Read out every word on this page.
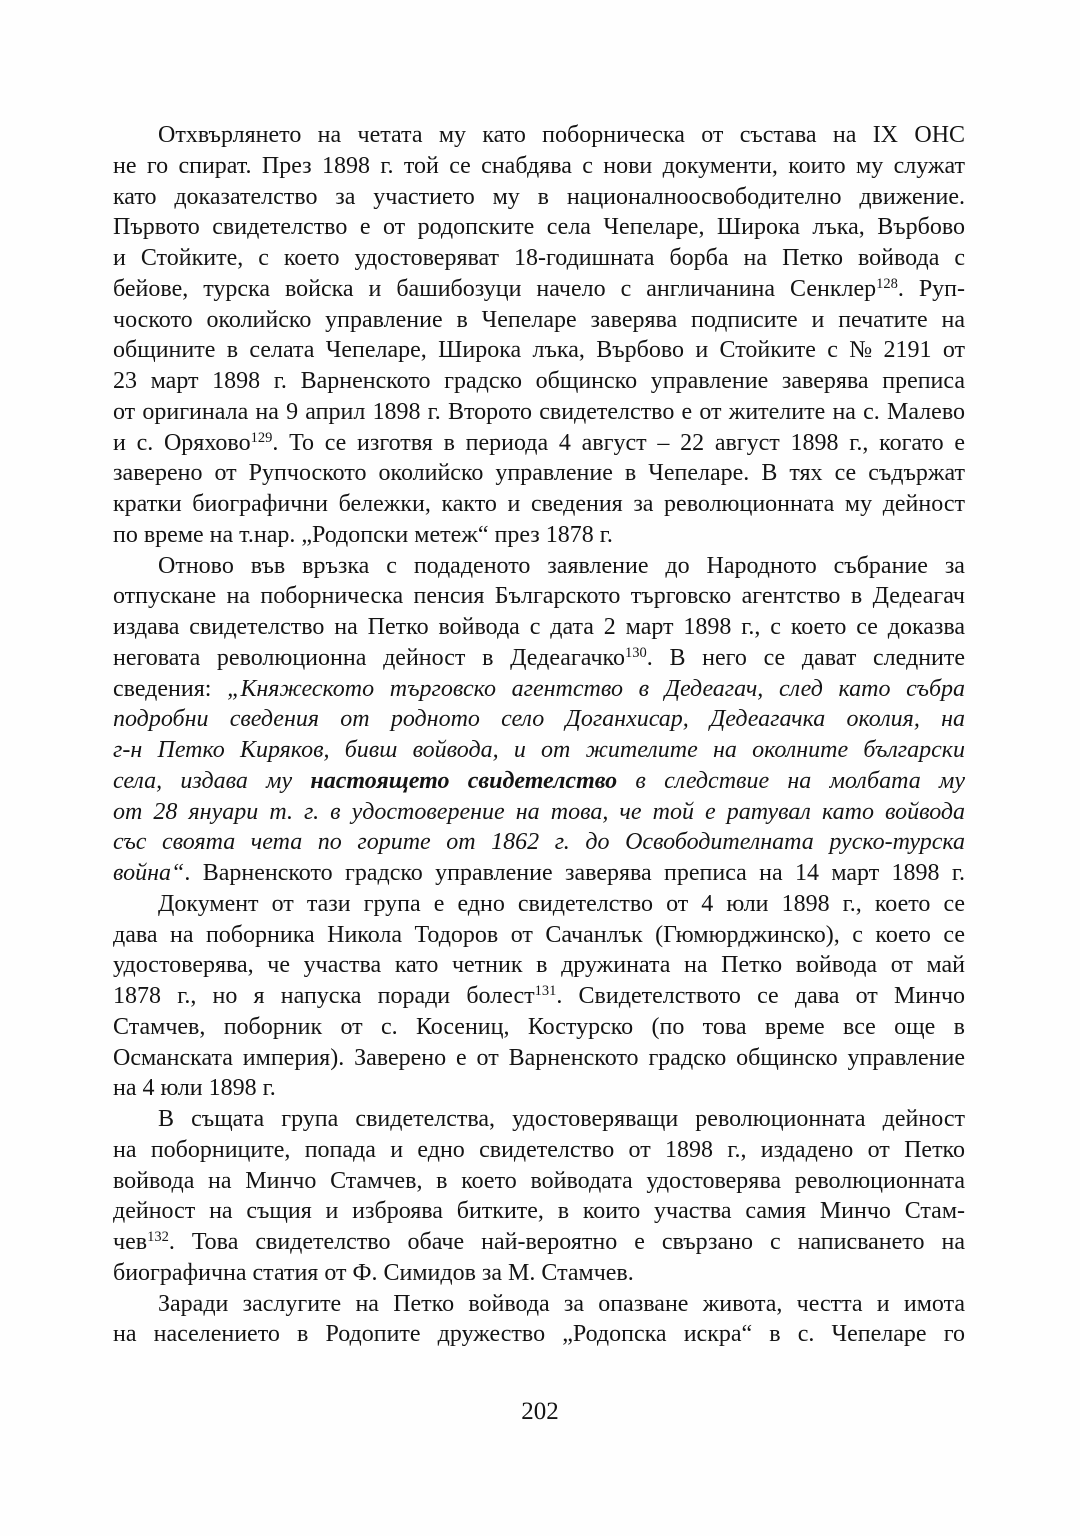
Отхвърлянето на четата му като поборническа от състава на IX ОНС
не го спират. През 1898 г. той се снабдява с нови документи, които му служат
като доказателство за участието му в националноосвободително движение.
Първото свидетелство е от родопските села Чепеларе, Широка лъка, Върбово
и Стойките, с което удостоверяват 18-годишната борба на Петко войвода с
бейове, турска войска и башибозуци начело с англичанина Сенклер$^{128}$. Руп-
чоското околийско управление в Чепеларе заверява подписите и печатите на
общините в селата Чепеларе, Широка лъка, Върбово и Стойките с № 2191 от
23 март 1898 г. Варненското градско общинско управление заверява преписа
от оригинала на 9 април 1898 г. Второто свидетелство е от жителите на с. Малево
и с. Оряхово$^{129}$. То се изготвя в периода 4 август – 22 август 1898 г., когато е
заверено от Рупчоското околийско управление в Чепеларе. В тях се съдържат
кратки биографични бележки, както и сведения за революционната му дейност
по време на т.нар. „Родопски метеж“ през 1878 г.
Отново във връзка с подаденото заявление до Народното събрание за
отпускане на поборническа пенсия Българското търговско агентство в Дедеагач
издава свидетелство на Петко войвода с дата 2 март 1898 г., с което се доказва
неговата революционна дейност в Дедеагачко$^{130}$. В него се дават следните
сведения: „Княжеското търговско агентство в Дедеагач, след като събра
подробни сведения от родното село Доганхисар, Дедеагачка околия, на
г-н Петко Киряков, бивш войвода, и от жителите на околните български
села, издава му настоящето свидетелство в следствие на молбата му
от 28 януари т. г. в удостоверение на това, че той е ратувал като войвода
със своята чета по горите от 1862 г. до Освободителната руско-турска
война“. Варненското градско управление заверява преписа на 14 март 1898 г.
Документ от тази група е едно свидетелство от 4 юли 1898 г., което се
дава на поборника Никола Тодоров от Сачанлък (Гюмюрджинско), с което се
удостоверява, че участва като четник в дружината на Петко войвода от май
1878 г., но я напуска поради болест$^{131}$. Свидетелството се дава от Минчо
Стамчев, поборник от с. Косениц, Костурско (по това време все още в
Османската империя). Заверено е от Варненското градско общинско управление
на 4 юли 1898 г.
В същата група свидетелства, удостоверяващи революционната дейност
на поборниците, попада и едно свидетелство от 1898 г., издадено от Петко
войвода на Минчо Стамчев, в което войводата удостоверява революционната
дейност на същия и изброява битките, в които участва самия Минчо Стам-
чев$^{132}$. Това свидетелство обаче най-вероятно е свързано с написването на
биографична статия от Ф. Симидов за М. Стамчев.
Заради заслугите на Петко войвода за опазване живота, честта и имота
на населението в Родопите дружество „Родопска искра“ в с. Чепеларе го
202
